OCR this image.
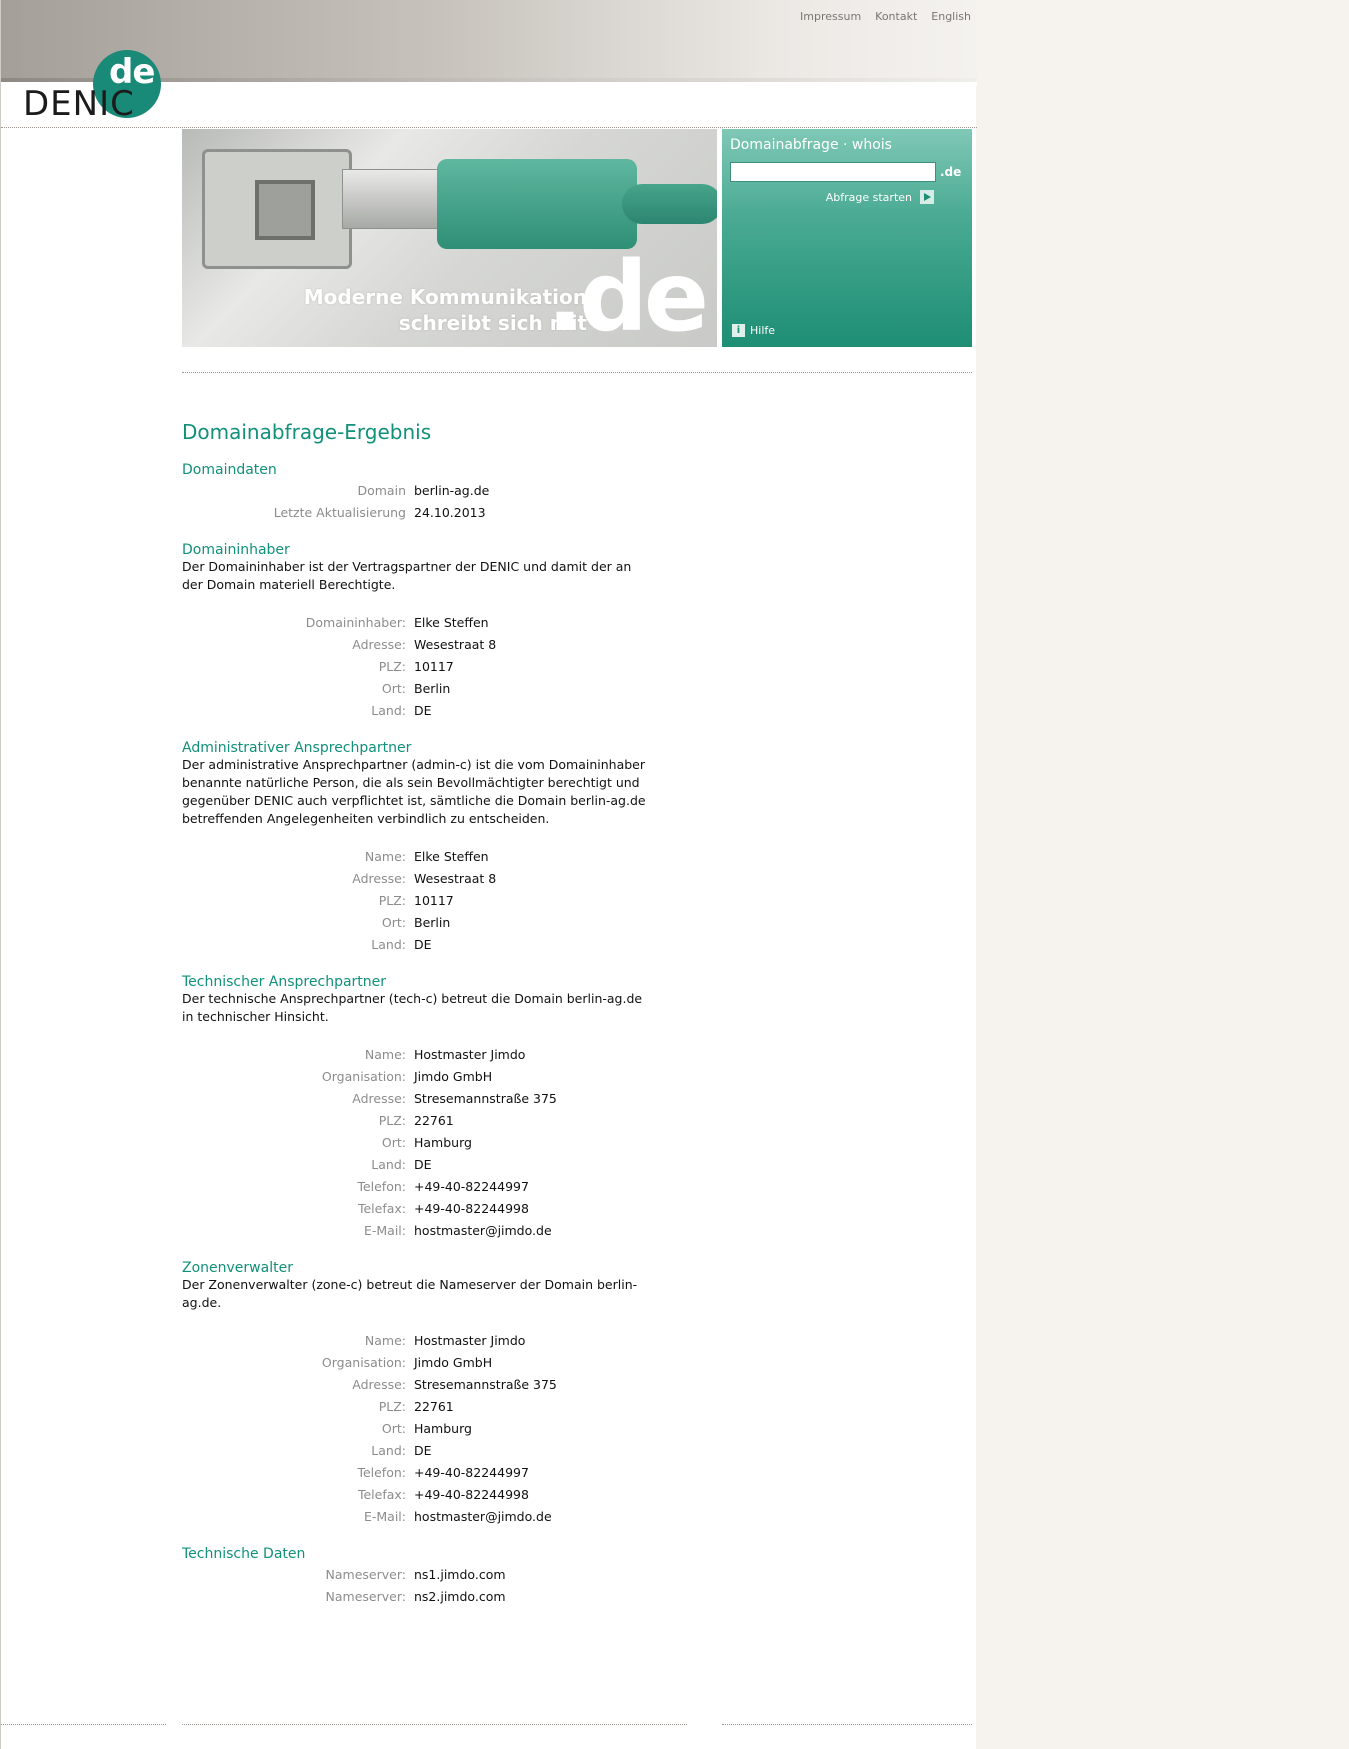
Impressum Kontakt English
de
DENIC
Moderne Kommunikation
schreibt sich mit
.de
Domainabfrage · whois
.de
Abfrage starten
i Hilfe
Domainabfrage-Ergebnis
Domaindaten
Domain berlin-ag.de
Letzte Aktualisierung 24.10.2013
Domaininhaber

Der Domaininhaber ist der Vertragspartner der DENIC und damit der an der Domain materiell Berechtigte.

Domaininhaber: Elke Steffen
Adresse: Wesestraat 8
PLZ: 10117
Ort: Berlin
Land: DE
Administrativer Ansprechpartner

Der administrative Ansprechpartner (admin-c) ist die vom Domaininhaber benannte natürliche Person, die als sein Bevollmächtigter berechtigt und gegenüber DENIC auch verpflichtet ist, sämtliche die Domain berlin-ag.de betreffenden Angelegenheiten verbindlich zu entscheiden.

Name: Elke Steffen
Adresse: Wesestraat 8
PLZ: 10117
Ort: Berlin
Land: DE
Technischer Ansprechpartner

Der technische Ansprechpartner (tech-c) betreut die Domain berlin-ag.de in technischer Hinsicht.

Name: Hostmaster Jimdo
Organisation: Jimdo GmbH
Adresse: Stresemannstraße 375
PLZ: 22761
Ort: Hamburg
Land: DE
Telefon: +49-40-82244997
Telefax: +49-40-82244998
E-Mail: hostmaster@jimdo.de
Zonenverwalter

Der Zonenverwalter (zone-c) betreut die Nameserver der Domain berlin-ag.de.

Name: Hostmaster Jimdo
Organisation: Jimdo GmbH
Adresse: Stresemannstraße 375
PLZ: 22761
Ort: Hamburg
Land: DE
Telefon: +49-40-82244997
Telefax: +49-40-82244998
E-Mail: hostmaster@jimdo.de
Technische Daten
Nameserver: ns1.jimdo.com
Nameserver: ns2.jimdo.com
